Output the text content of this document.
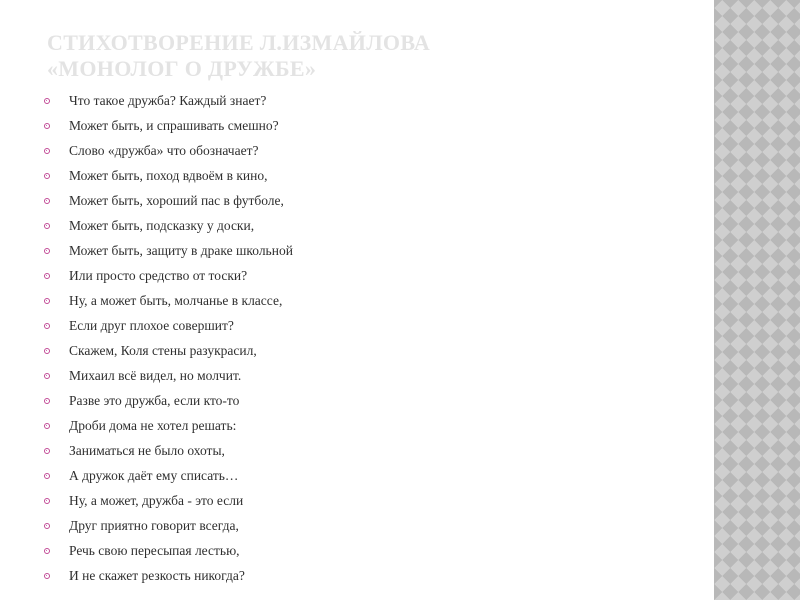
СТИХОТВОРЕНИЕ Л.ИЗМАЙЛОВА
«МОНОЛОГ О ДРУЖБЕ»
Что такое дружба? Каждый знает?
Может быть, и спрашивать смешно?
Слово «дружба» что обозначает?
Может быть, поход вдвоём в кино,
Может быть, хороший пас в футболе,
Может быть, подсказку у доски,
Может быть, защиту в драке школьной
Или просто средство от тоски?
Ну, а может быть, молчанье в классе,
Если друг плохое совершит?
Скажем, Коля стены разукрасил,
Михаил всё видел, но молчит.
Разве это дружба, если кто-то
Дроби дома не хотел решать:
Заниматься не было охоты,
А дружок даёт ему списать…
Ну, а может, дружба - это если
Друг приятно говорит всегда,
Речь свою пересыпая лестью,
И не скажет резкость никогда?
